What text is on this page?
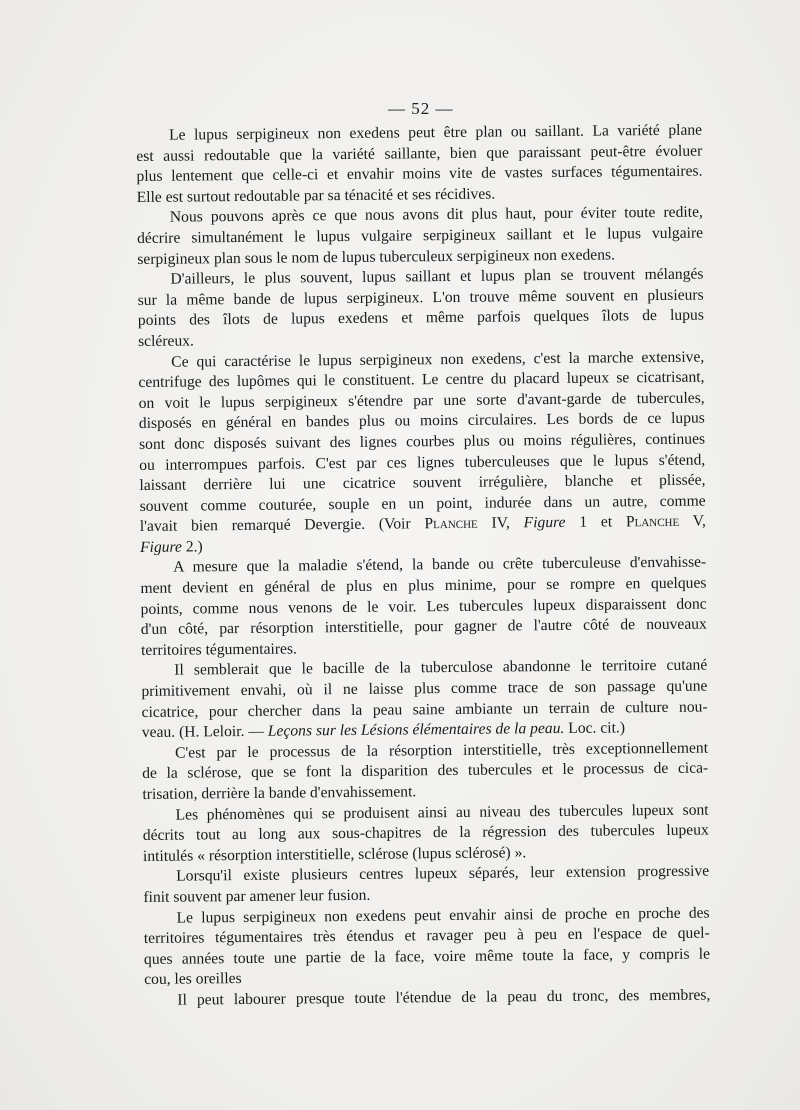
— 52 —
Le lupus serpigineux non exedens peut être plan ou saillant. La variété plane
est aussi redoutable que la variété saillante, bien que paraissant peut-être évoluer
plus lentement que celle-ci et envahir moins vite de vastes surfaces tégumentaires.
Elle est surtout redoutable par sa ténacité et ses récidives.
Nous pouvons après ce que nous avons dit plus haut, pour éviter toute redite,
décrire simultanément le lupus vulgaire serpigineux saillant et le lupus vulgaire
serpigineux plan sous le nom de lupus tuberculeux serpigineux non exedens.
D'ailleurs, le plus souvent, lupus saillant et lupus plan se trouvent mélangés
sur la même bande de lupus serpigineux. L'on trouve même souvent en plusieurs
points des îlots de lupus exedens et même parfois quelques îlots de lupus
scléreux.
Ce qui caractérise le lupus serpigineux non exedens, c'est la marche extensive,
centrifuge des lupômes qui le constituent. Le centre du placard lupeux se cicatrisant,
on voit le lupus serpigineux s'étendre par une sorte d'avant-garde de tubercules,
disposés en général en bandes plus ou moins circulaires. Les bords de ce lupus
sont donc disposés suivant des lignes courbes plus ou moins régulières, continues
ou interrompues parfois. C'est par ces lignes tuberculeuses que le lupus s'étend,
laissant derrière lui une cicatrice souvent irrégulière, blanche et plissée,
souvent comme couturée, souple en un point, indurée dans un autre, comme
l'avait bien remarqué Devergie. (Voir Planche IV, Figure 1 et Planche V,
Figure 2.)
A mesure que la maladie s'étend, la bande ou crête tuberculeuse d'envahisse-
ment devient en général de plus en plus minime, pour se rompre en quelques
points, comme nous venons de le voir. Les tubercules lupeux disparaissent donc
d'un côté, par résorption interstitielle, pour gagner de l'autre côté de nouveaux
territoires tégumentaires.
Il semblerait que le bacille de la tuberculose abandonne le territoire cutané
primitivement envahi, où il ne laisse plus comme trace de son passage qu'une
cicatrice, pour chercher dans la peau saine ambiante un terrain de culture nou-
veau. (H. Leloir. — Leçons sur les Lésions élémentaires de la peau. Loc. cit.)
C'est par le processus de la résorption interstitielle, très exceptionnellement
de la sclérose, que se font la disparition des tubercules et le processus de cica-
trisation, derrière la bande d'envahissement.
Les phénomènes qui se produisent ainsi au niveau des tubercules lupeux sont
décrits tout au long aux sous-chapitres de la régression des tubercules lupeux
intitulés « résorption interstitielle, sclérose (lupus sclérosé) ».
Lorsqu'il existe plusieurs centres lupeux séparés, leur extension progressive
finit souvent par amener leur fusion.
Le lupus serpigineux non exedens peut envahir ainsi de proche en proche des
territoires tégumentaires très étendus et ravager peu à peu en l'espace de quel-
ques années toute une partie de la face, voire même toute la face, y compris le
cou, les oreilles
Il peut labourer presque toute l'étendue de la peau du tronc, des membres,
